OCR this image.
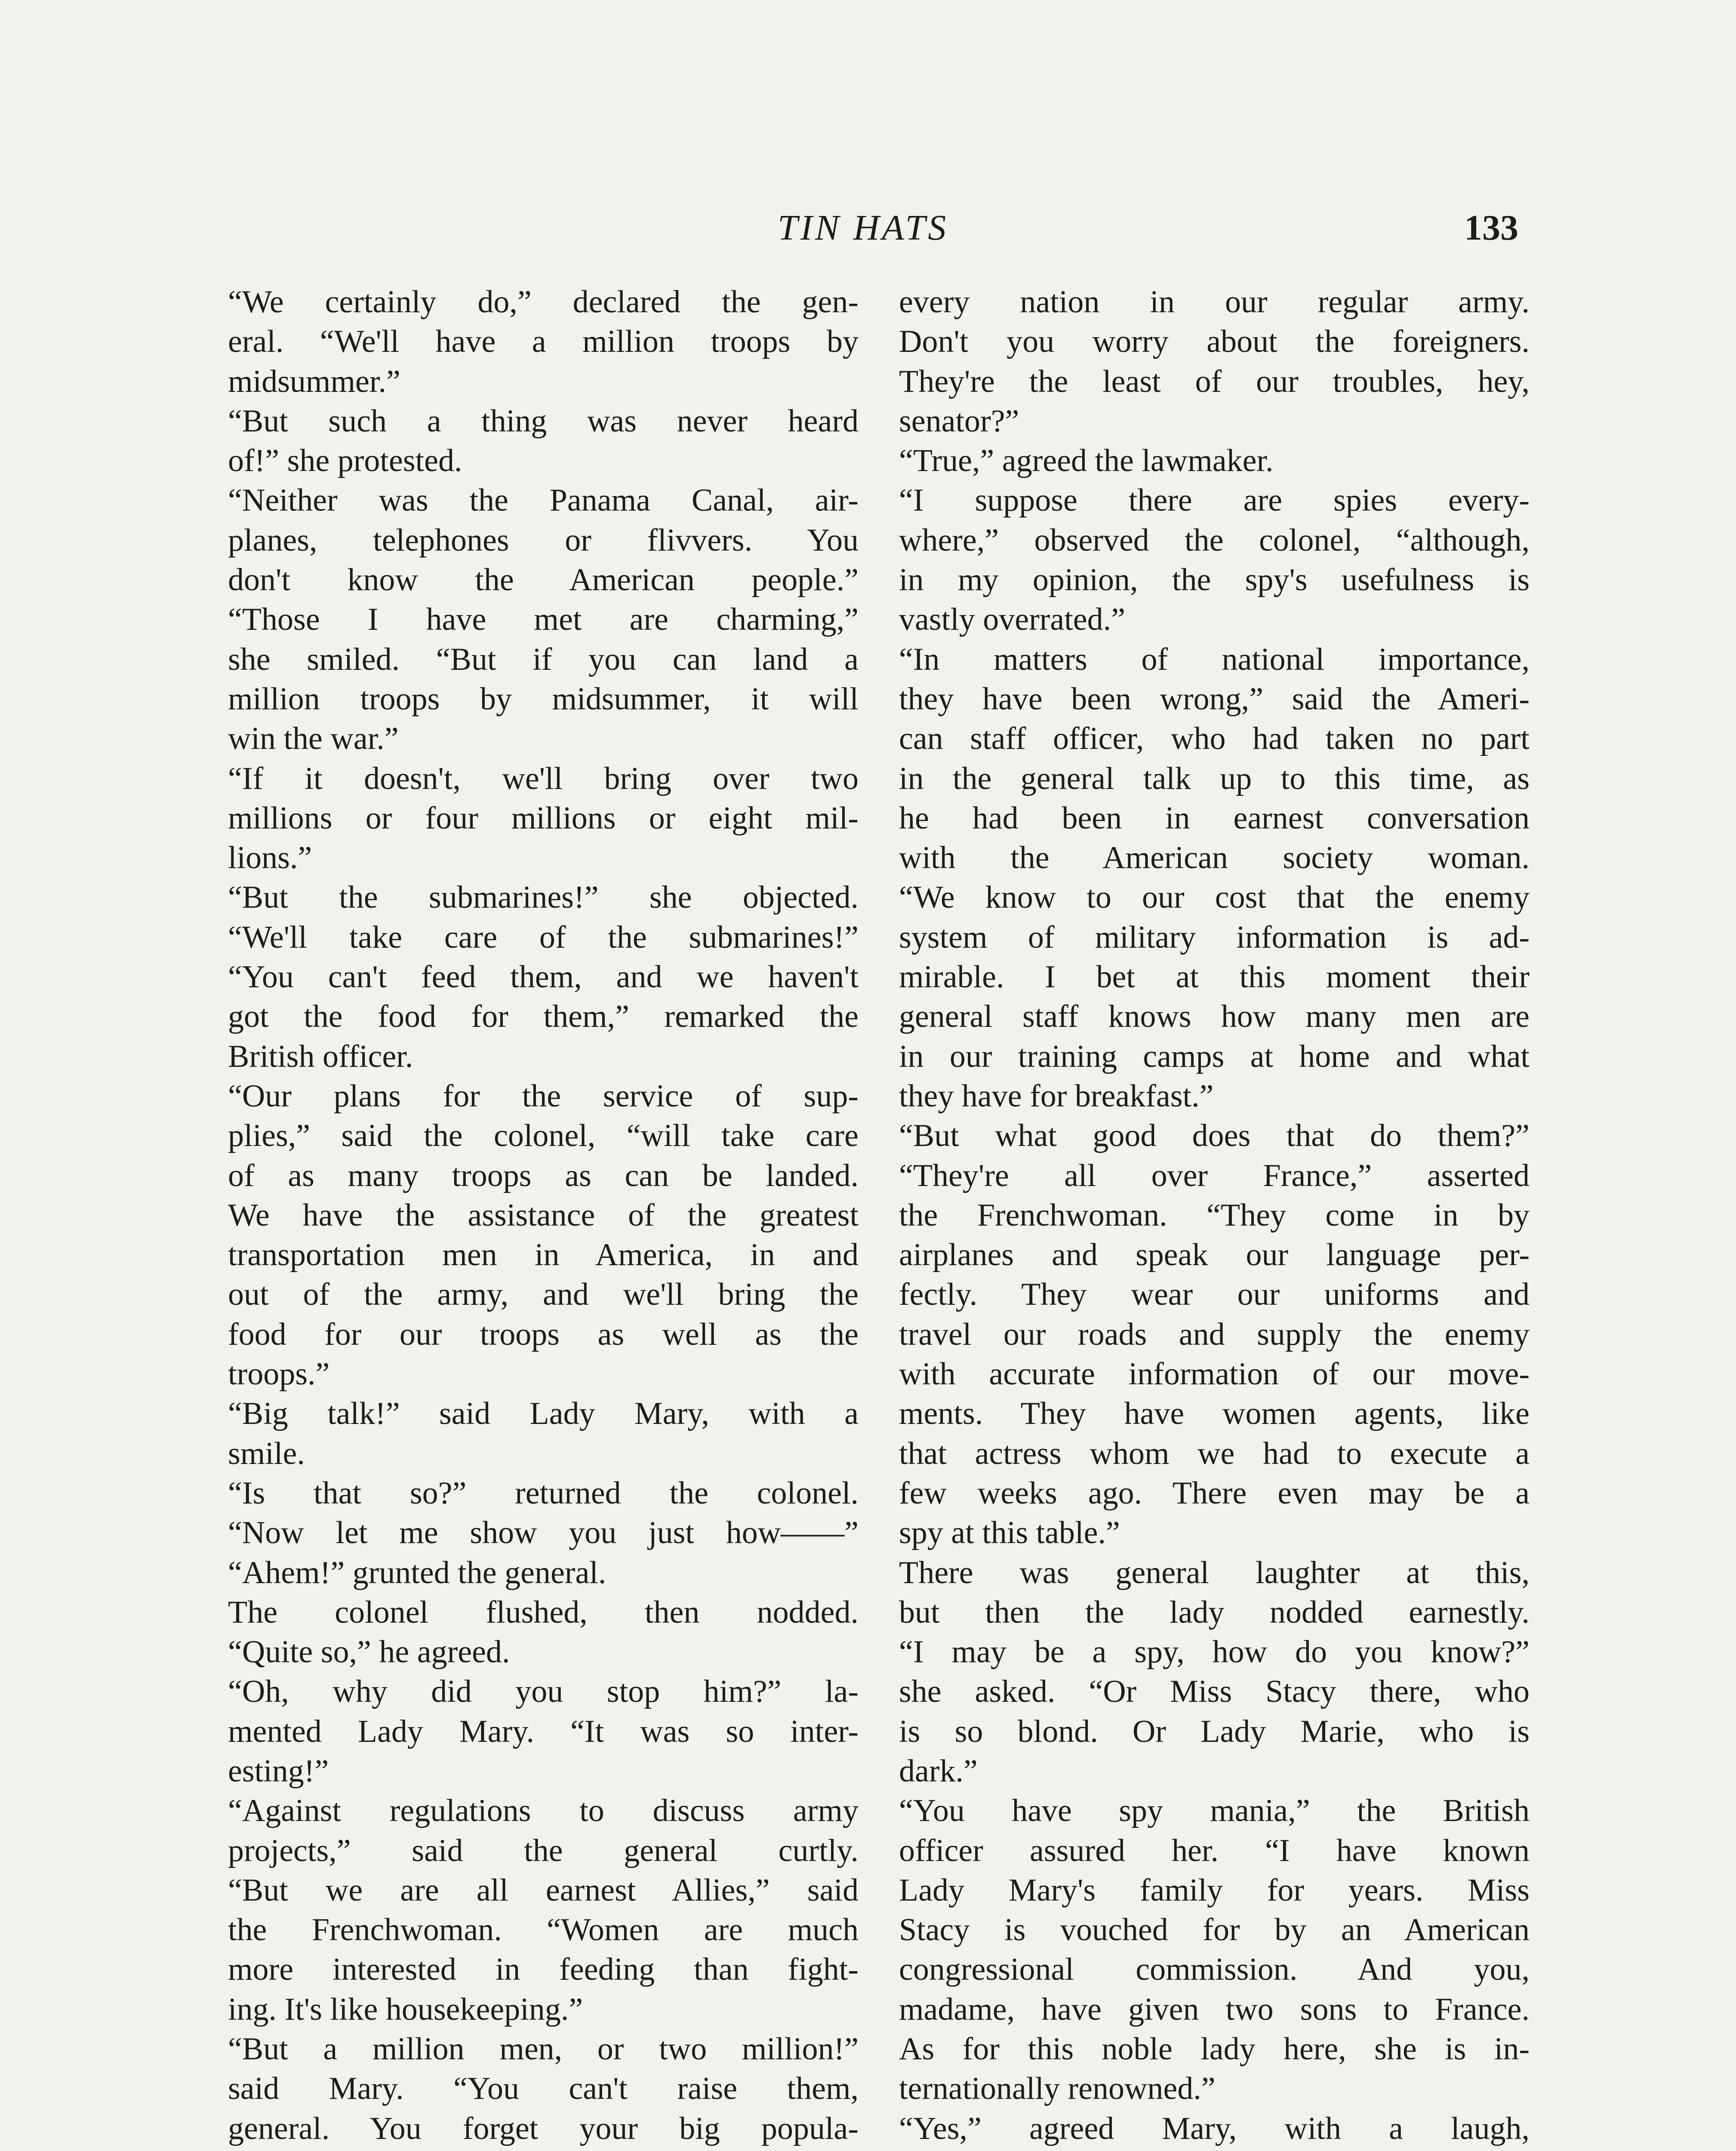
TIN HATS	133
“We certainly do,” declared the gen-
eral. “We'll have a million troops by
midsummer.”
“But such a thing was never heard
of!” she protested.
“Neither was the Panama Canal, air-
planes, telephones or flivvers. You
don't know the American people.”
“Those I have met are charming,”
she smiled. “But if you can land a
million troops by midsummer, it will
win the war.”
“If it doesn't, we'll bring over two
millions or four millions or eight mil-
lions.”
“But the submarines!” she objected.
“We'll take care of the submarines!”
“You can't feed them, and we haven't
got the food for them,” remarked the
British officer.
“Our plans for the service of sup-
plies,” said the colonel, “will take care
of as many troops as can be landed.
We have the assistance of the greatest
transportation men in America, in and
out of the army, and we'll bring the
food for our troops as well as the
troops.”
“Big talk!” said Lady Mary, with a
smile.
“Is that so?” returned the colonel.
“Now let me show you just how——”
“Ahem!” grunted the general.
The colonel flushed, then nodded.
“Quite so,” he agreed.
“Oh, why did you stop him?” la-
mented Lady Mary. “It was so inter-
esting!”
“Against regulations to discuss army
projects,” said the general curtly.
“But we are all earnest Allies,” said
the Frenchwoman. “Women are much
more interested in feeding than fight-
ing. It's like housekeeping.”
“But a million men, or two million!”
said Mary. “You can't raise them,
general. You forget your big popula-
every nation in our regular army.
Don't you worry about the foreigners.
They're the least of our troubles, hey,
senator?”
“True,” agreed the lawmaker.
“I suppose there are spies every-
where,” observed the colonel, “although,
in my opinion, the spy's usefulness is
vastly overrated.”
“In matters of national importance,
they have been wrong,” said the Ameri-
can staff officer, who had taken no part
in the general talk up to this time, as
he had been in earnest conversation
with the American society woman.
“We know to our cost that the enemy
system of military information is ad-
mirable. I bet at this moment their
general staff knows how many men are
in our training camps at home and what
they have for breakfast.”
“But what good does that do them?”
“They're all over France,” asserted
the Frenchwoman. “They come in by
airplanes and speak our language per-
fectly. They wear our uniforms and
travel our roads and supply the enemy
with accurate information of our move-
ments. They have women agents, like
that actress whom we had to execute a
few weeks ago. There even may be a
spy at this table.”
There was general laughter at this,
but then the lady nodded earnestly.
“I may be a spy, how do you know?”
she asked. “Or Miss Stacy there, who
is so blond. Or Lady Marie, who is
dark.”
“You have spy mania,” the British
officer assured her. “I have known
Lady Mary's family for years. Miss
Stacy is vouched for by an American
congressional commission. And you,
madame, have given two sons to France.
As for this noble lady here, she is in-
ternationally renowned.”
“Yes,” agreed Mary, with a laugh,
